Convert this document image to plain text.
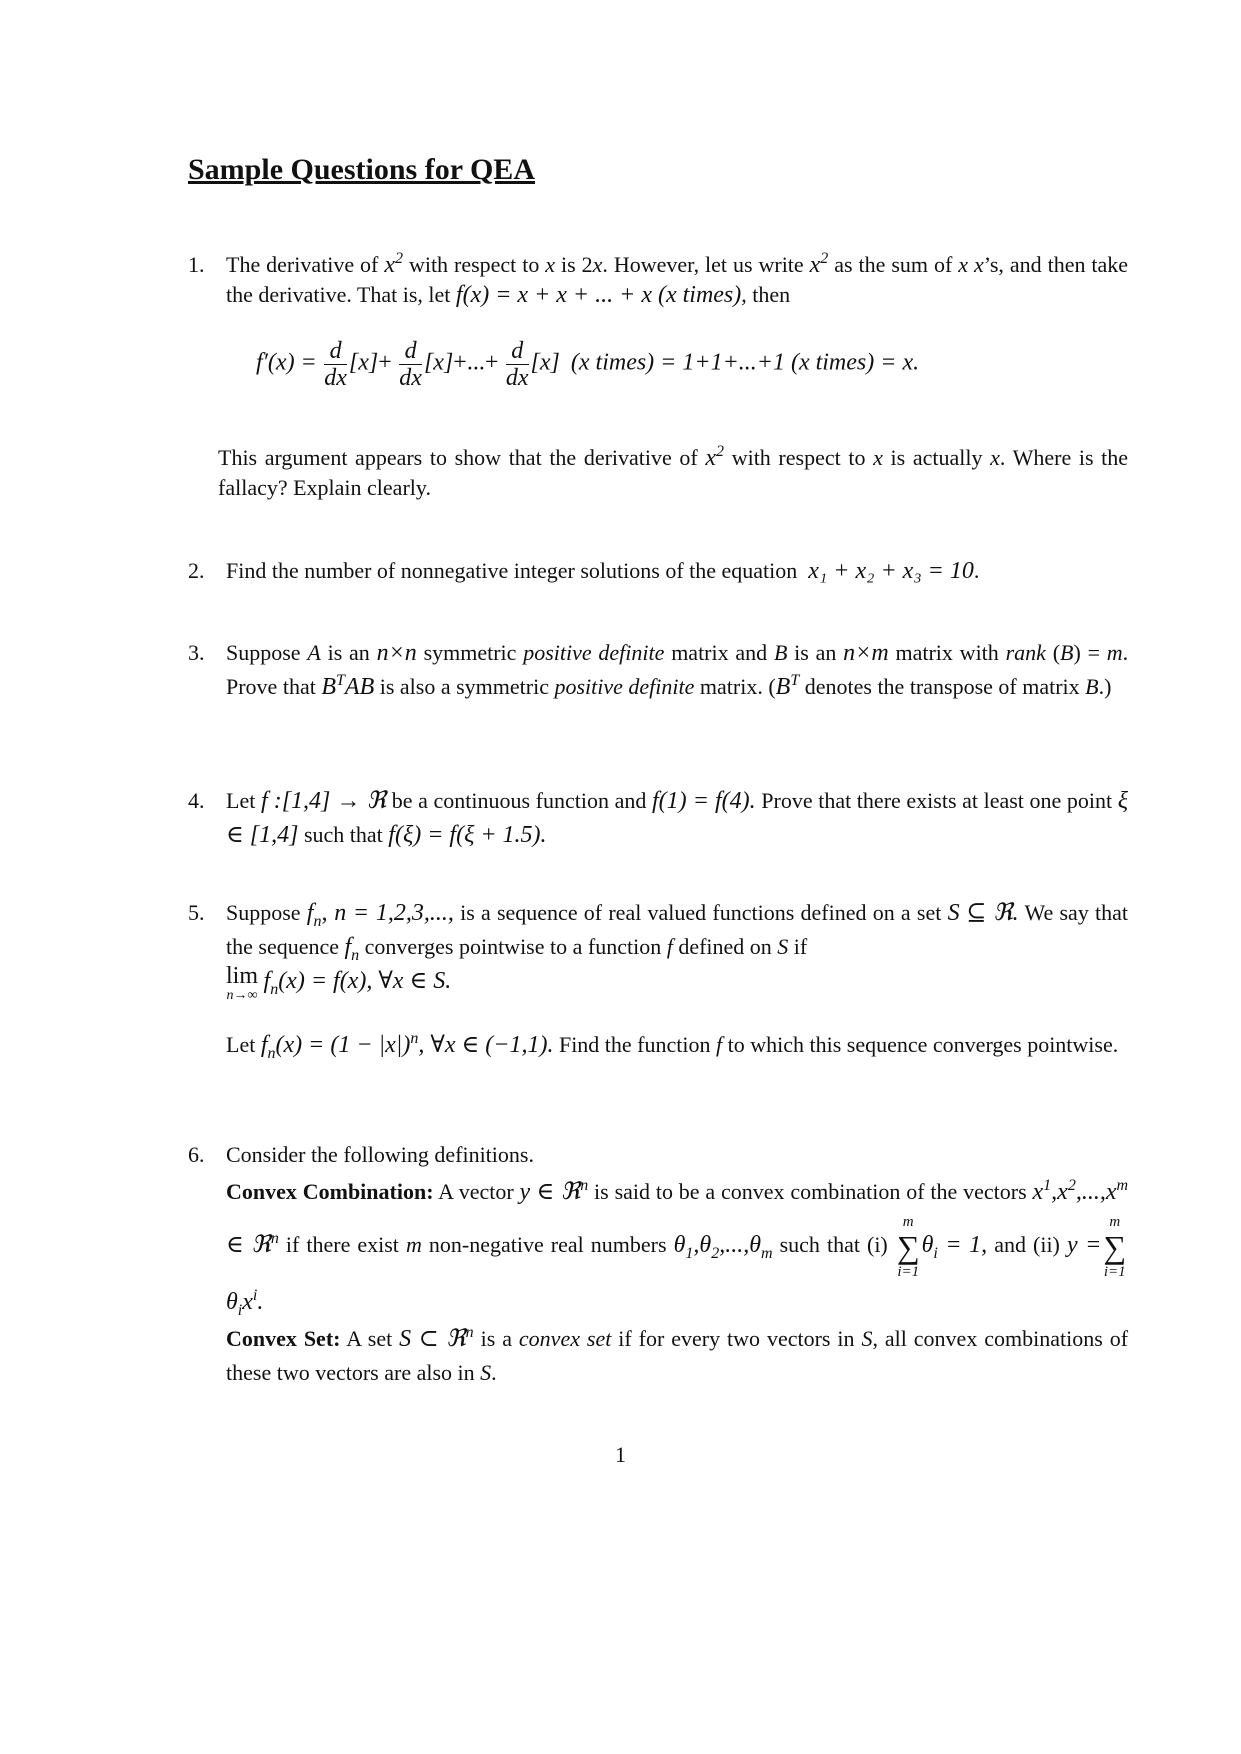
Sample Questions for QEA
1. The derivative of $x^2$ with respect to x is 2x. However, let us write $x^2$ as the sum of x x’s, and then take the derivative. That is, let f(x) = x + x + ... + x (x times), then
$f'(x) = \frac{d}{dx} [x]+ \frac{d}{dx} [x]+...+ \frac{d}{dx} [x]$ (x times) = 1+1+...+1 (x times) = x.
This argument appears to show that the derivative of $x^2$ with respect to x is actually x. Where is the fallacy? Explain clearly.
2. Find the number of nonnegative integer solutions of the equation x₁ + x₂ + x₃ = 10.
3. Suppose A is an n×n symmetric positive definite matrix and B is an n×m matrix with rank (B) = m. Prove that $B^TAB$ is also a symmetric positive definite matrix. ($B^T$ denotes the transpose of matrix B.)
4. Let f :[1,4] → ℜ be a continuous function and f(1) = f(4). Prove that there exists at least one point ξ ∈ [1,4] such that f(ξ) = f(ξ + 1.5).
5. Suppose $f_n$, n = 1,2,3,..., is a sequence of real valued functions defined on a set S ⊆ ℜ. We say that the sequence $f_n$ converges pointwise to a function f defined on S if
lim
n→∞
$f_n(x) = f(x)$, ∀x ∈ S.
Let $f_n(x) = (1 - |x|)^n$, ∀x ∈ (−1,1). Find the function f to which this sequence converges pointwise.
6. Consider the following definitions.
Convex Combination: A vector y ∈ ℜ$^n$ is said to be a convex combination of the vectors $x^1,x^2,...,x^m$ ∈ ℜ$^n$ if there exist m non-negative real numbers $\theta_1,\theta_2,...,\theta_m$ such that (i)
m
∑
i=1
$\theta_i = 1$, and (ii) y =
m
∑
i=1
$\theta_ix^i$.
Convex Set: A set S ⊂ ℜ$^n$ is a convex set if for every two vectors in S, all convex combinations of these two vectors are also in S.
1
